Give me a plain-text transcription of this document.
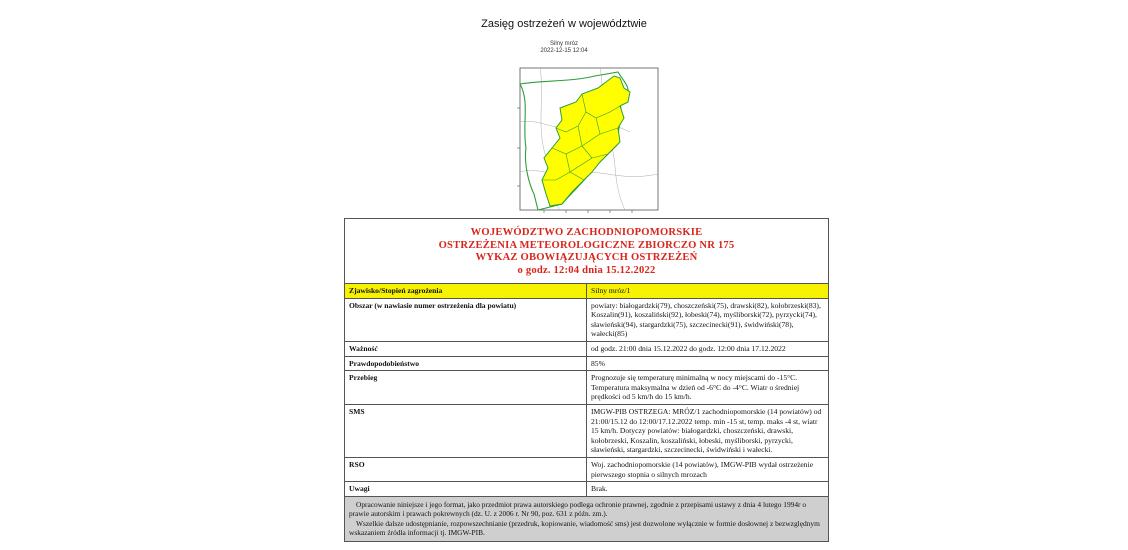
Zasięg ostrzeżeń w województwie
Silny mróz
2022-12-15 12:04
WOJEWÓDZTWO ZACHODNIOPOMORSKIE
OSTRZEŻENIA METEOROLOGICZNE ZBIORCZO NR 175
WYKAZ OBOWIĄZUJĄCYCH OSTRZEŻEŃ
o godz. 12:04 dnia 15.12.2022	

Zjawisko/Stopień zagrożenia	Silny mróz/1
Obszar (w nawiasie numer ostrzeżenia dla powiatu)	powiaty: białogardzki(79), choszczeński(75), drawski(82), kołobrzeski(83), Koszalin(91), koszaliński(92), łobeski(74), myśliborski(72), pyrzycki(74), sławieński(94), stargardzki(75), szczecinecki(91), świdwiński(78), wałecki(85)
Ważność	od godz. 21:00 dnia 15.12.2022 do godz. 12:00 dnia 17.12.2022
Prawdopodobieństwo	85%
Przebieg	Prognozuje się temperaturę minimalną w nocy miejscami do -15°C. Temperatura maksymalna w dzień od -6°C do -4°C. Wiatr o średniej prędkości od 5 km/h do 15 km/h.
SMS	IMGW-PIB OSTRZEGA: MRÓZ/1 zachodniopomorskie (14 powiatów) od 21:00/15.12 do 12:00/17.12.2022 temp. min -15 st, temp. maks -4 st, wiatr 15 km/h. Dotyczy powiatów: białogardzki, choszczeński, drawski, kołobrzeski, Koszalin, koszaliński, łobeski, myśliborski, pyrzycki, sławieński, stargardzki, szczecinecki, świdwiński i wałecki.
RSO	Woj. zachodniopomorskie (14 powiatów), IMGW-PIB wydał ostrzeżenie pierwszego stopnia o silnych mrozach
Uwagi	Brak.

Opracowanie niniejsze i jego format, jako przedmiot prawa autorskiego podlega ochronie prawnej, zgodnie z przepisami ustawy z dnia 4 lutego 1994r o prawie autorskim i prawach pokrewnych (dz. U. z 2006 r. Nr 90, poz. 631 z późn. zm.).
Wszelkie dalsze udostępnianie, rozpowszechnianie (przedruk, kopiowanie, wiadomość sms) jest dozwolone wyłącznie w formie dosłownej z bezwzględnym wskazaniem źródła informacji tj. IMGW-PIB.	
